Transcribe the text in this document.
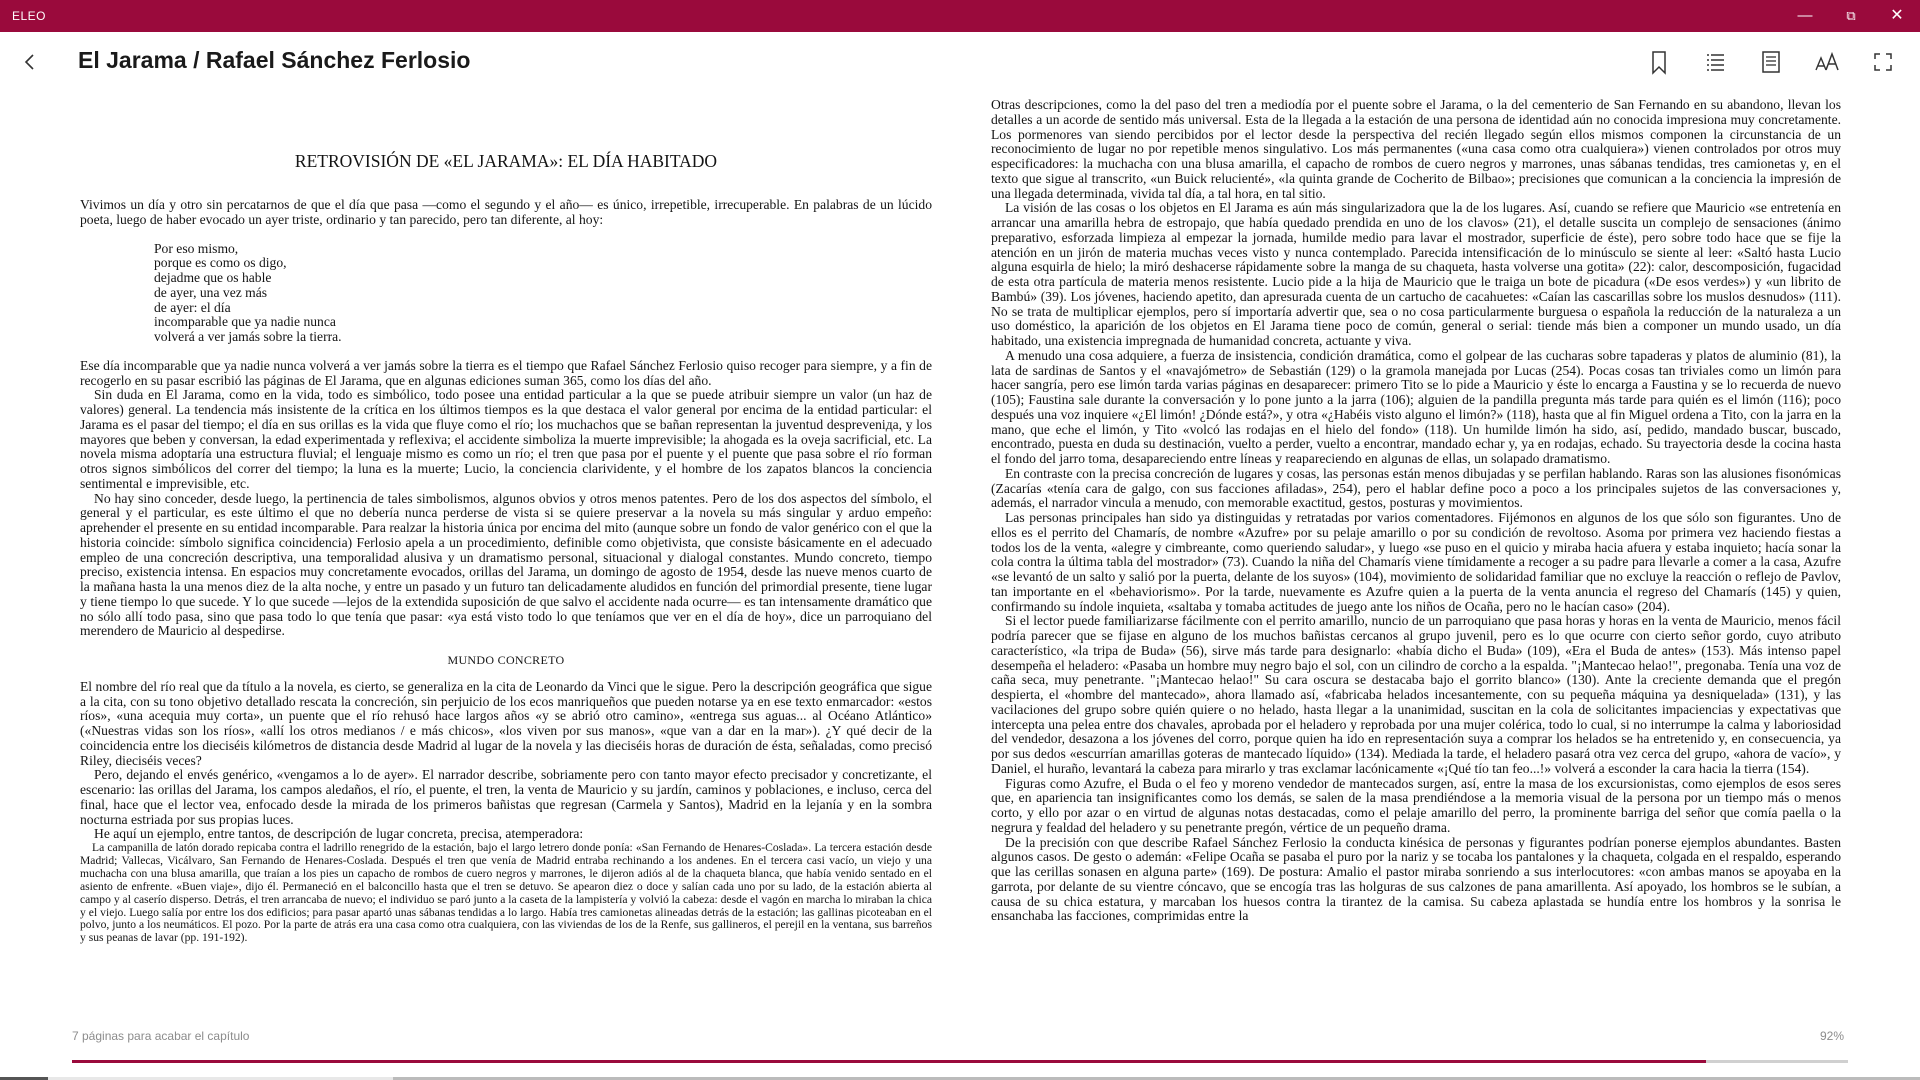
ELEO	—	⧉	✕
El Jarama / Rafael Sánchez Ferlosio
RETROVISIÓN DE «EL JARAMA»: EL DÍA HABITADO

Vivimos un día y otro sin percatarnos de que el día que pasa —como el segundo y el año— es único, irrepetible, irrecuperable. En palabras de un lúcido poeta, luego de haber evocado un ayer triste, ordinario y tan parecido, pero tan diferente, al hoy:

Por eso mismo,
porque es como os digo,
dejadme que os hable
de ayer, una vez más
de ayer: el día
incomparable que ya nadie nunca
volverá a ver jamás sobre la tierra.

Ese día incomparable que ya nadie nunca volverá a ver jamás sobre la tierra es el tiempo que Rafael Sánchez Ferlosio quiso recoger para siempre, y a fin de recogerlo en su pasar escribió las páginas de El Jarama, que en algunas ediciones suman 365, como los días del año.

Sin duda en El Jarama, como en la vida, todo es simbólico, todo posee una entidad particular a la que se puede atribuir siempre un valor (un haz de valores) general. La tendencia más insistente de la crítica en los últimos tiempos es la que destaca el valor general por encima de la entidad particular: el Jarama es el pasar del tiempo; el día en sus orillas es la vida que fluye como el río; los muchachos que se bañan representan la juventud despreveniда, y los mayores que beben y conversan, la edad experimentada y reflexiva; el accidente simboliza la muerte imprevisible; la ahogada es la oveja sacrificial, etc. La novela misma adoptaría una estructura fluvial; el lenguaje mismo es como un río; el tren que pasa por el puente y el puente que pasa sobre el río forman otros signos simbólicos del correr del tiempo; la luna es la muerte; Lucio, la conciencia clarividente, y el hombre de los zapatos blancos la conciencia sentimental e imprevisible, etc.

No hay sino conceder, desde luego, la pertinencia de tales simbolismos, algunos obvios y otros menos patentes. Pero de los dos aspectos del símbolo, el general y el particular, es este último el que no debería nunca perderse de vista si se quiere preservar a la novela su más singular y arduo empeño: aprehender el presente en su entidad incomparable. Para realzar la historia única por encima del mito (aunque sobre un fondo de valor genérico con el que la historia coincide: símbolo significa coincidencia) Ferlosio apela a un procedimiento, definible como objetivista, que consiste básicamente en el adecuado empleo de una concreción descriptiva, una temporalidad alusiva y un dramatismo personal, situacional y dialogal constantes. Mundo concreto, tiempo preciso, existencia intensa. En espacios muy concretamente evocados, orillas del Jarama, un domingo de agosto de 1954, desde las nueve menos cuarto de la mañana hasta la una menos diez de la alta noche, y entre un pasado y un futuro tan delicadamente aludidos en función del primordial presente, tiene lugar y tiene tiempo lo que sucede. Y lo que sucede —lejos de la extendida suposición de que salvo el accidente nada ocurre— es tan intensamente dramático que no sólo allí todo pasa, sino que pasa todo lo que tenía que pasar: «ya está visto todo lo que teníamos que ver en el día de hoy», dice un parroquiano del merendero de Mauricio al despedirse.

MUNDO CONCRETO

El nombre del río real que da título a la novela, es cierto, se generaliza en la cita de Leonardo da Vinci que le sigue. Pero la descripción geográfica que sigue a la cita, con su tono objetivo detallado rescata la concreción, sin perjuicio de los ecos manriqueños que pueden notarse ya en ese texto enmarcador: «estos ríos», «una acequia muy corta», un puente que el río rehusó hace largos años «y se abrió otro camino», «entrega sus aguas... al Océano Atlántico» («Nuestras vidas son los ríos», «allí los otros medianos / e más chicos», «los viven por sus manos», «que van a dar en la mar»). ¿Y qué decir de la coincidencia entre los dieciséis kilómetros de distancia desde Madrid al lugar de la novela y las dieciséis horas de duración de ésta, señaladas, como precisó Riley, dieciséis veces?

Pero, dejando el envés genérico, «vengamos a lo de ayer». El narrador describe, sobriamente pero con tanto mayor efecto precisador y concretizante, el escenario: las orillas del Jarama, los campos aledaños, el río, el puente, el tren, la venta de Mauricio y su jardín, caminos y poblaciones, e incluso, cerca del final, hace que el lector vea, enfocado desde la mirada de los primeros bañistas que regresan (Carmela y Santos), Madrid en la lejanía y en la sombra nocturna estriada por sus propias luces.

He aquí un ejemplo, entre tantos, de descripción de lugar concreta, precisa, atemperadora:

La campanilla de latón dorado repicaba contra el ladrillo renegrido de la estación, bajo el largo letrero donde ponía: «San Fernando de Henares-Coslada». La tercera estación desde Madrid; Vallecas, Vicálvaro, San Fernando de Henares-Coslada. Después el tren que venía de Madrid entraba rechinando a los andenes. En el tercera casi vacío, un viejo y una muchacha con una blusa amarilla, que traían a los pies un capacho de rombos de cuero negros y marrones, le dijeron adiós al de la chaqueta blanca, que había venido sentado en el asiento de enfrente. «Buen viaje», dijo él. Permaneció en el balconcillo hasta que el tren se detuvo. Se apearon diez o doce y salían cada uno por su lado, de la estación abierta al campo y al caserío disperso. Detrás, el tren arrancaba de nuevo; el individuo se paró junto a la caseta de la lampistería y volvió la cabeza: desde el vagón en marcha lo miraban la chica y el viejo. Luego salía por entre los dos edificios; para pasar apartó unas sábanas tendidas a lo largo. Había tres camionetas alineadas detrás de la estación; las gallinas picoteaban en el polvo, junto a los neumáticos. El pozo. Por la parte de atrás era una casa como otra cualquiera, con las viviendas de los de la Renfe, sus gallineros, el perejil en la ventana, sus barreños y sus peanas de lavar (pp. 191-192).

Otras descripciones, como la del paso del tren a mediodía por el puente sobre el Jarama, o la del cementerio de San Fernando en su abandono, llevan los detalles a un acorde de sentido más universal. Esta de la llegada a la estación de una persona de identidad aún no conocida impresiona muy concretamente. Los pormenores van siendo percibidos por el lector desde la perspectiva del recién llegado según ellos mismos componen la circunstancia de un reconocimiento de lugar no por repetible menos singulativo. Los más permanentes («una casa como otra cualquiera») vienen controlados por otros muy especificadores: la muchacha con una blusa amarilla, el capacho de rombos de cuero negros y marrones, unas sábanas tendidas, tres camionetas y, en el texto que sigue al transcrito, «un Buick relucienté», «la quinta grande de Cocherito de Bilbao»; precisiones que comunican a la conciencia la impresión de una llegada determinada, vivida tal día, a tal hora, en tal sitio.

La visión de las cosas o los objetos en El Jarama es aún más singularizadora que la de los lugares. Así, cuando se refiere que Mauricio «se entretenía en arrancar una amarilla hebra de estropajo, que había quedado prendida en uno de los clavos» (21), el detalle suscita un complejo de sensaciones (ánimo preparativo, esforzada limpieza al empezar la jornada, humilde medio para lavar el mostrador, superficie de éste), pero sobre todo hace que se fije la atención en un jirón de materia muchas veces visto y nunca contemplado. Parecida intensificación de lo minúsculo se siente al leer: «Saltó hasta Lucio alguna esquirla de hielo; la miró deshacerse rápidamente sobre la manga de su chaqueta, hasta volverse una gotita» (22): calor, descomposición, fugacidad de esta otra partícula de materia menos resistente. Lucio pide a la hija de Mauricio que le traiga un bote de picadura («De esos verdes») y «un librito de Bambú» (39). Los jóvenes, haciendo apetito, dan apresurada cuenta de un cartucho de cacahuetes: «Caían las cascarillas sobre los muslos desnudos» (111). No se trata de multiplicar ejemplos, pero sí importaría advertir que, sea o no cosa particularmente burguesa o española la reducción de la naturaleza a un uso doméstico, la aparición de los objetos en El Jarama tiene poco de común, general o serial: tiende más bien a componer un mundo usado, un día habitado, una existencia impregnada de humanidad concreta, actuante y viva.

A menudo una cosa adquiere, a fuerza de insistencia, condición dramática, como el golpear de las cucharas sobre tapaderas y platos de aluminio (81), la lata de sardinas de Santos y el «navajómetro» de Sebastián (129) o la gramola manejada por Lucas (254). Pocas cosas tan triviales como un limón para hacer sangría, pero ese limón tarda varias páginas en desaparecer: primero Tito se lo pide a Mauricio y éste lo encarga a Faustina y se lo recuerda de nuevo (105); Faustina sale durante la conversación y lo pone junto a la jarra (106); alguien de la pandilla pregunta más tarde para quién es el limón (116); poco después una voz inquiere «¿El limón! ¿Dónde está?», y otra «¿Habéis visto alguno el limón?» (118), hasta que al fin Miguel ordena a Tito, con la jarra en la mano, que eche el limón, y Tito «volcó las rodajas en el hielo del fondo» (118). Un humilde limón ha sido, así, pedido, mandado buscar, buscado, encontrado, puesta en duda su destinación, vuelto a perder, vuelto a encontrar, mandado echar y, ya en rodajas, echado. Su trayectoria desde la cocina hasta el fondo del jarro toma, desapareciendo entre líneas y reapareciendo en algunas de ellas, un solapado dramatismo.

En contraste con la precisa concreción de lugares y cosas, las personas están menos dibujadas y se perfilan hablando. Raras son las alusiones fisonómicas (Zacarías «tenía cara de galgo, con sus facciones afiladas», 254), pero el hablar define poco a poco a los principales sujetos de las conversaciones y, además, el narrador vincula a menudo, con memorable exactitud, gestos, posturas y movimientos.

Las personas principales han sido ya distinguidas y retratadas por varios comentadores. Fijémonos en algunos de los que sólo son figurantes. Uno de ellos es el perrito del Chamarís, de nombre «Azufre» por su pelaje amarillo o por su condición de revoltoso. Asoma por primera vez haciendo fiestas a todos los de la venta, «alegre y cimbreante, como queriendo saludar», y luego «se puso en el quicio y miraba hacia afuera y estaba inquieto; hacía sonar la cola contra la última tabla del mostrador» (73). Cuando la niña del Chamarís viene tímidamente a recoger a su padre para llevarle a comer a la casa, Azufre «se levantó de un salto y salió por la puerta, delante de los suyos» (104), movimiento de solidaridad familiar que no excluye la reacción o reflejo de Pavlov, tan importante en el «behaviorismo». Por la tarde, nuevamente es Azufre quien a la puerta de la venta anuncia el regreso del Chamarís (145) y quien, confirmando su índole inquieta, «saltaba y tomaba actitudes de juego ante los niños de Ocaña, pero no le hacían caso» (204).

Si el lector puede familiarizarse fácilmente con el perrito amarillo, nuncio de un parroquiano que pasa horas y horas en la venta de Mauricio, menos fácil podría parecer que se fijase en alguno de los muchos bañistas cercanos al grupo juvenil, pero es lo que ocurre con cierto señor gordo, cuyo atributo característico, «la tripa de Buda» (56), sirve más tarde para designarlo: «había dicho el Buda» (109), «Era el Buda de antes» (153). Más intenso papel desempeña el heladero: «Pasaba un hombre muy negro bajo el sol, con un cilindro de corcho a la espalda. "¡Mantecao helao!", pregonaba. Tenía una voz de caña seca, muy penetrante. "¡Mantecao helao!" Su cara oscura se destacaba bajo el gorrito blanco» (130). Ante la creciente demanda que el pregón despierta, el «hombre del mantecado», ahora llamado así, «fabricaba helados incesantemente, con su pequeña máquina ya desniquelada» (131), y las vacilaciones del grupo sobre quién quiere o no helado, hasta llegar a la unanimidad, suscitan en la cola de solicitantes impaciencias y expectativas que intercepta una pelea entre dos chavales, aprobada por el heladero y reprobada por una mujer colérica, todo lo cual, si no interrumpe la calma y laboriosidad del vendedor, desazona a los jóvenes del corro, porque quien ha ido en representación suya a comprar los helados se ha entretenido y, en consecuencia, ya por sus dedos «escurrían amarillas goteras de mantecado líquido» (134). Mediada la tarde, el heladero pasará otra vez cerca del grupo, «ahora de vacío», y Daniel, el huraño, levantará la cabeza para mirarlo y tras exclamar lacónicamente «¡Qué tío tan feo...!» volverá a esconder la cara hacia la tierra (154).

Figuras como Azufre, el Buda o el feo y moreno vendedor de mantecados surgen, así, entre la masa de los excursionistas, como ejemplos de esos seres que, en apariencia tan insignificantes como los demás, se salen de la masa prendiéndose a la memoria visual de la persona por un tiempo más o menos corto, y ello por azar o en virtud de algunas notas destacadas, como el pelaje amarillo del perro, la prominente barriga del señor que comía paella o la negrura y fealdad del heladero y su penetrante pregón, vértice de un pequeño drama.

De la precisión con que describe Rafael Sánchez Ferlosio la conducta kinésica de personas y figurantes podrían ponerse ejemplos abundantes. Basten algunos casos. De gesto o ademán: «Felipe Ocaña se pasaba el puro por la nariz y se tocaba los pantalones y la chaqueta, colgada en el respaldo, esperando que las cerillas sonasen en alguna parte» (169). De postura: Amalio el pastor miraba sonriendo a sus interlocutores: «con ambas manos se apoyaba en la garrota, por delante de su vientre cóncavo, que se encogía tras las holguras de sus calzones de pana amarillenta. Así apoyado, los hombros se le subían, a causa de su chica estatura, y marcaban los huesos contra la tirantez de la camisa. Su cabeza aplastada se hundía entre los hombros y la sonrisa le ensanchaba las facciones, comprimidas entre la

7 páginas para acabar el capítulo	92%
